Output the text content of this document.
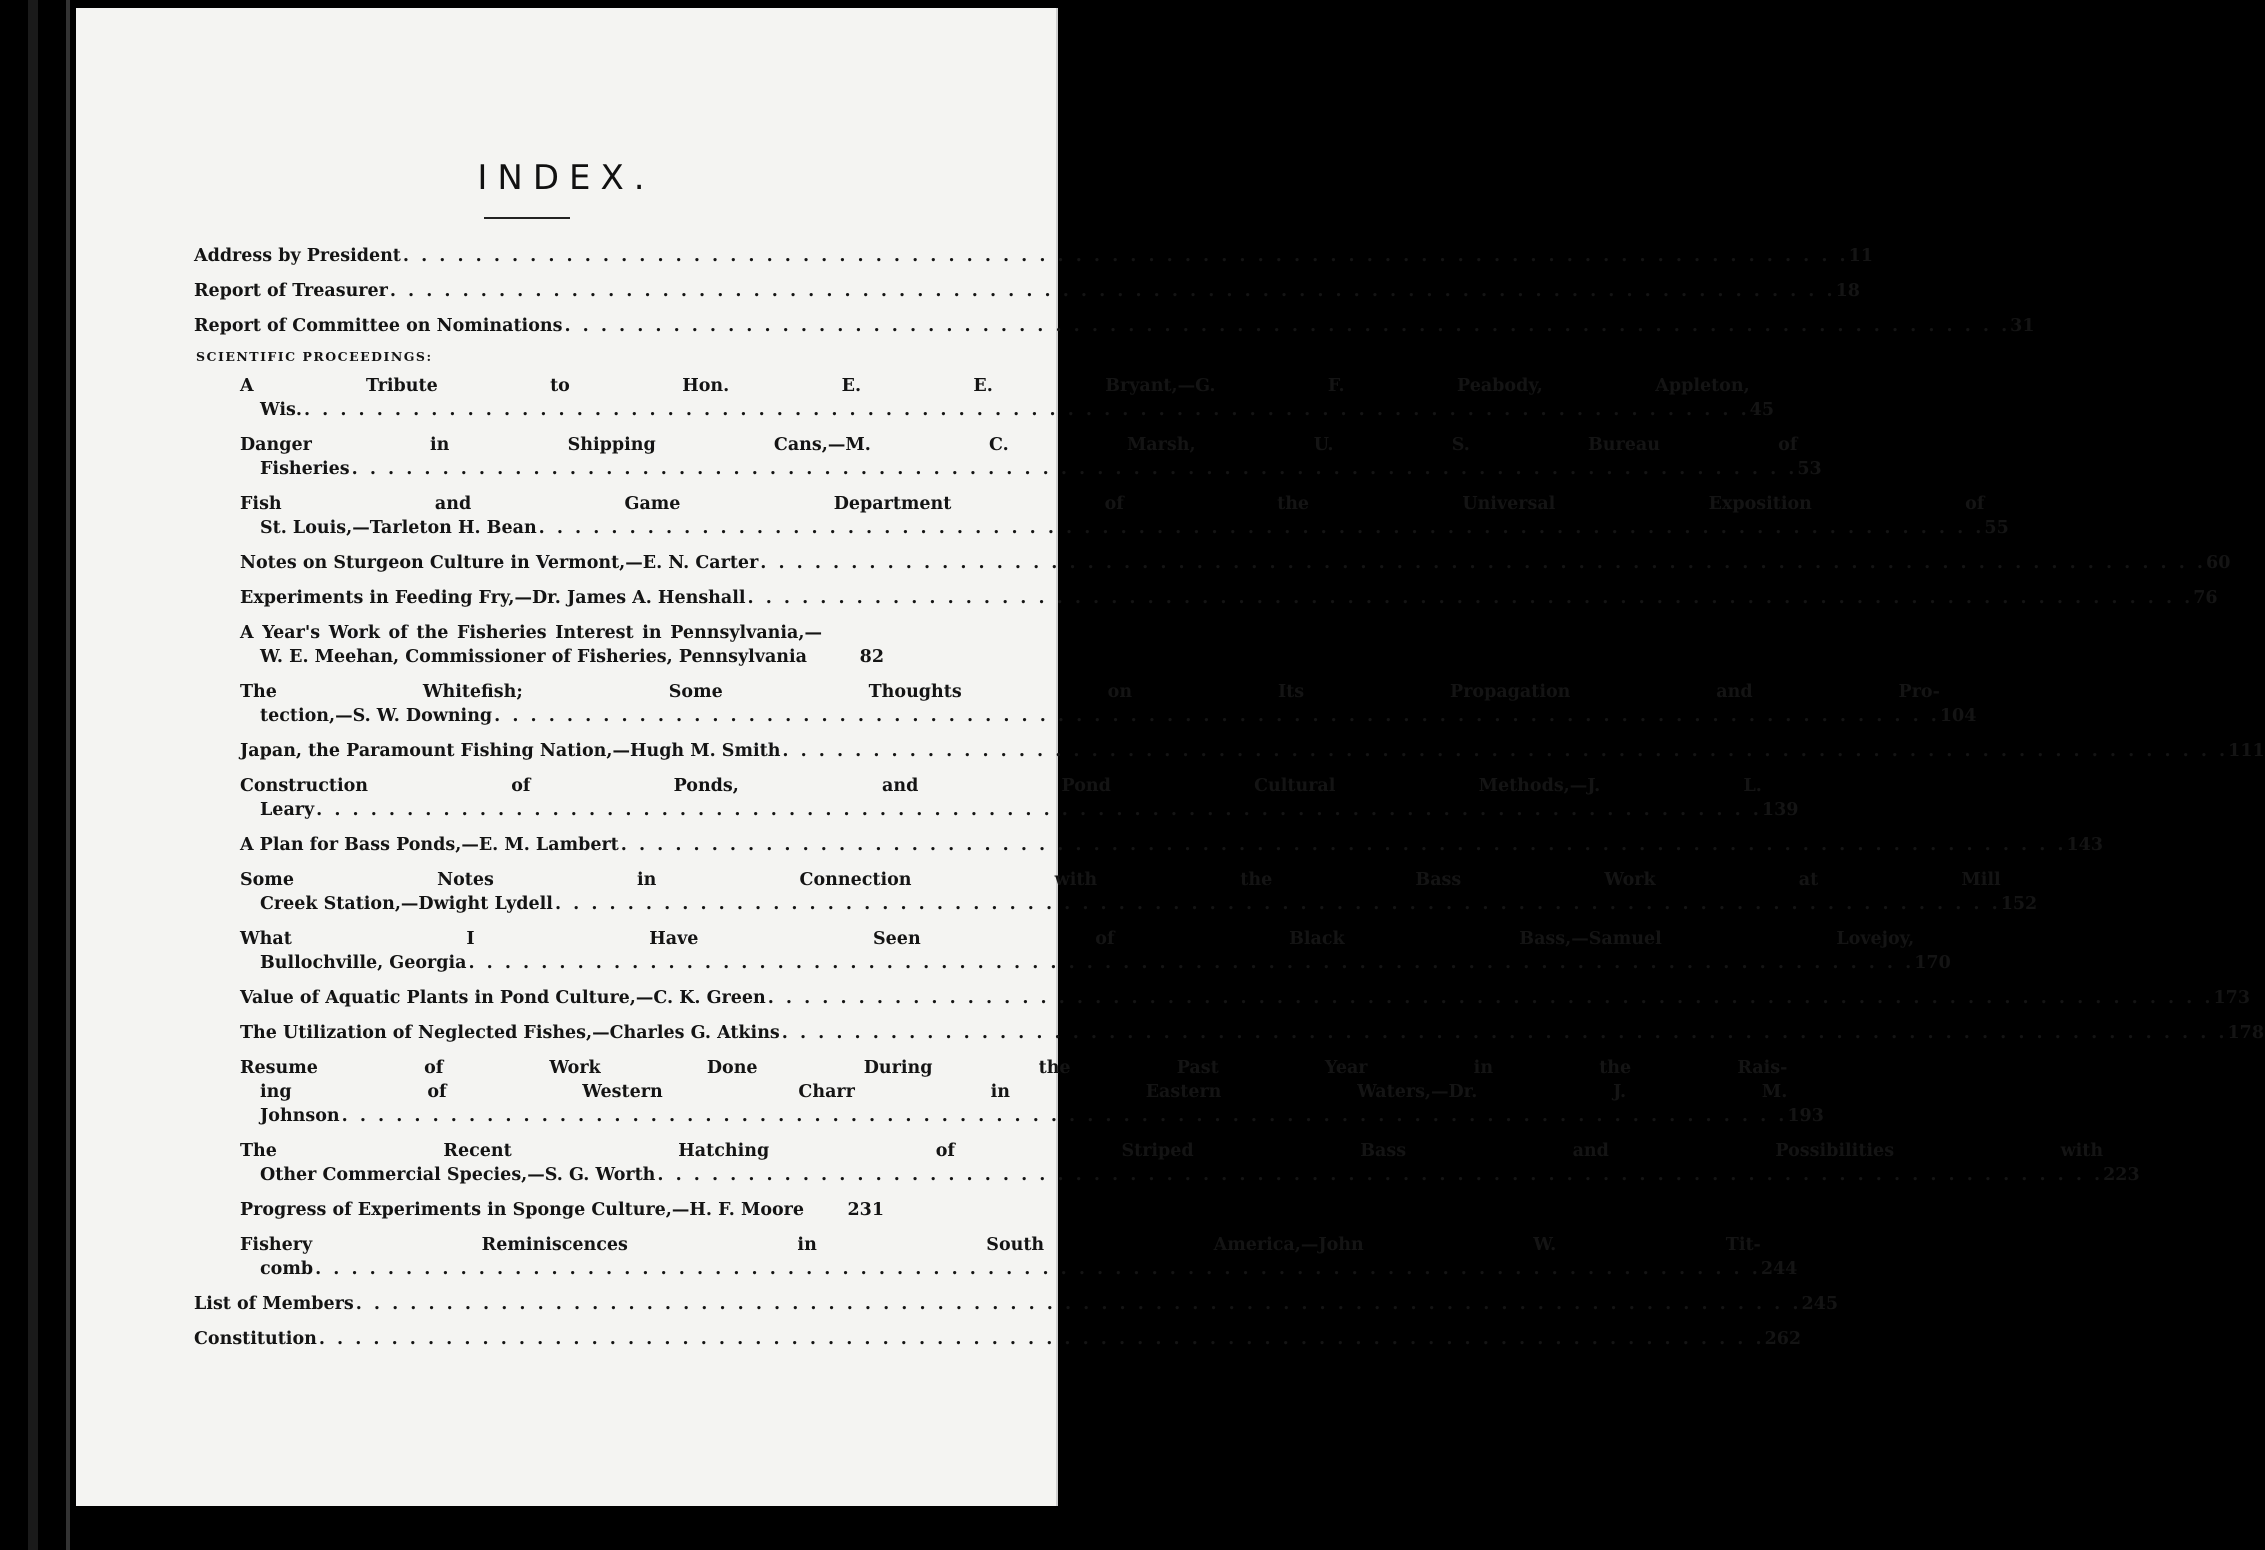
INDEX.
Address by President . . . . . . . . . . . . . . . . . . . . . . . . . . . . . . . . . . . . . . . . . . . . . . . . . . . . . . . . . . . . . . . . . . . . . . . . . . . . . . . . 11
Report of Treasurer . . . . . . . . . . . . . . . . . . . . . . . . . . . . . . . . . . . . . . . . . . . . . . . . . . . . . . . . . . . . . . . . . . . . . . . . . . . . . . . . 18
Report of Committee on Nominations . . . . . . . . . . . . . . . . . . . . . . . . . . . . . . . . . . . . . . . . . . . . . . . . . . . . . . . . . . . . . . . . . . . . . . . . . . . . . . . . 31
SCIENTIFIC PROCEEDINGS:
A Tribute to Hon. E. E. Bryant,—G. F. Peabody, Appleton,
Wis. . . . . . . . . . . . . . . . . . . . . . . . . . . . . . . . . . . . . . . . . . . . . . . . . . . . . . . . . . . . . . . . . . . . . . . . . . . . . . . . . 45
Danger in Shipping Cans,—M. C. Marsh, U. S. Bureau of
Fisheries . . . . . . . . . . . . . . . . . . . . . . . . . . . . . . . . . . . . . . . . . . . . . . . . . . . . . . . . . . . . . . . . . . . . . . . . . . . . . . . . 53
Fish and Game Department of the Universal Exposition of
St. Louis,—Tarleton H. Bean . . . . . . . . . . . . . . . . . . . . . . . . . . . . . . . . . . . . . . . . . . . . . . . . . . . . . . . . . . . . . . . . . . . . . . . . . . . . . . . . 55
Notes on Sturgeon Culture in Vermont,—E. N. Carter . . . . . . . . . . . . . . . . . . . . . . . . . . . . . . . . . . . . . . . . . . . . . . . . . . . . . . . . . . . . . . . . . . . . . . . . . . . . . . . . 60
Experiments in Feeding Fry,—Dr. James A. Henshall . . . . . . . . . . . . . . . . . . . . . . . . . . . . . . . . . . . . . . . . . . . . . . . . . . . . . . . . . . . . . . . . . . . . . . . . . . . . . . . . 76
A Year's Work of the Fisheries Interest in Pennsylvania,—
W. E. Meehan, Commissioner of Fisheries, Pennsylvania	82
The Whitefish; Some Thoughts on Its Propagation and Pro-
tection,—S. W. Downing . . . . . . . . . . . . . . . . . . . . . . . . . . . . . . . . . . . . . . . . . . . . . . . . . . . . . . . . . . . . . . . . . . . . . . . . . . . . . . . . 104
Japan, the Paramount Fishing Nation,—Hugh M. Smith . . . . . . . . . . . . . . . . . . . . . . . . . . . . . . . . . . . . . . . . . . . . . . . . . . . . . . . . . . . . . . . . . . . . . . . . . . . . . . . . 111
Construction of Ponds, and Pond Cultural Methods,—J. L.
Leary . . . . . . . . . . . . . . . . . . . . . . . . . . . . . . . . . . . . . . . . . . . . . . . . . . . . . . . . . . . . . . . . . . . . . . . . . . . . . . . . 139
A Plan for Bass Ponds,—E. M. Lambert . . . . . . . . . . . . . . . . . . . . . . . . . . . . . . . . . . . . . . . . . . . . . . . . . . . . . . . . . . . . . . . . . . . . . . . . . . . . . . . . 143
Some Notes in Connection with the Bass Work at Mill
Creek Station,—Dwight Lydell . . . . . . . . . . . . . . . . . . . . . . . . . . . . . . . . . . . . . . . . . . . . . . . . . . . . . . . . . . . . . . . . . . . . . . . . . . . . . . . . 152
What I Have Seen of Black Bass,—Samuel Lovejoy,
Bullochville, Georgia . . . . . . . . . . . . . . . . . . . . . . . . . . . . . . . . . . . . . . . . . . . . . . . . . . . . . . . . . . . . . . . . . . . . . . . . . . . . . . . . 170
Value of Aquatic Plants in Pond Culture,—C. K. Green . . . . . . . . . . . . . . . . . . . . . . . . . . . . . . . . . . . . . . . . . . . . . . . . . . . . . . . . . . . . . . . . . . . . . . . . . . . . . . . . 173
The Utilization of Neglected Fishes,—Charles G. Atkins . . . . . . . . . . . . . . . . . . . . . . . . . . . . . . . . . . . . . . . . . . . . . . . . . . . . . . . . . . . . . . . . . . . . . . . . . . . . . . . . 178
Resume of Work Done During the Past Year in the Rais-
ing of Western Charr in Eastern Waters,—Dr. J. M.
Johnson . . . . . . . . . . . . . . . . . . . . . . . . . . . . . . . . . . . . . . . . . . . . . . . . . . . . . . . . . . . . . . . . . . . . . . . . . . . . . . . . 193
The Recent Hatching of Striped Bass and Possibilities with
Other Commercial Species,—S. G. Worth . . . . . . . . . . . . . . . . . . . . . . . . . . . . . . . . . . . . . . . . . . . . . . . . . . . . . . . . . . . . . . . . . . . . . . . . . . . . . . . . 223
Progress of Experiments in Sponge Culture,—H. F. Moore	231
Fishery Reminiscences in South America,—John W. Tit-
comb . . . . . . . . . . . . . . . . . . . . . . . . . . . . . . . . . . . . . . . . . . . . . . . . . . . . . . . . . . . . . . . . . . . . . . . . . . . . . . . . 244
List of Members . . . . . . . . . . . . . . . . . . . . . . . . . . . . . . . . . . . . . . . . . . . . . . . . . . . . . . . . . . . . . . . . . . . . . . . . . . . . . . . . 245
Constitution . . . . . . . . . . . . . . . . . . . . . . . . . . . . . . . . . . . . . . . . . . . . . . . . . . . . . . . . . . . . . . . . . . . . . . . . . . . . . . . . 262
